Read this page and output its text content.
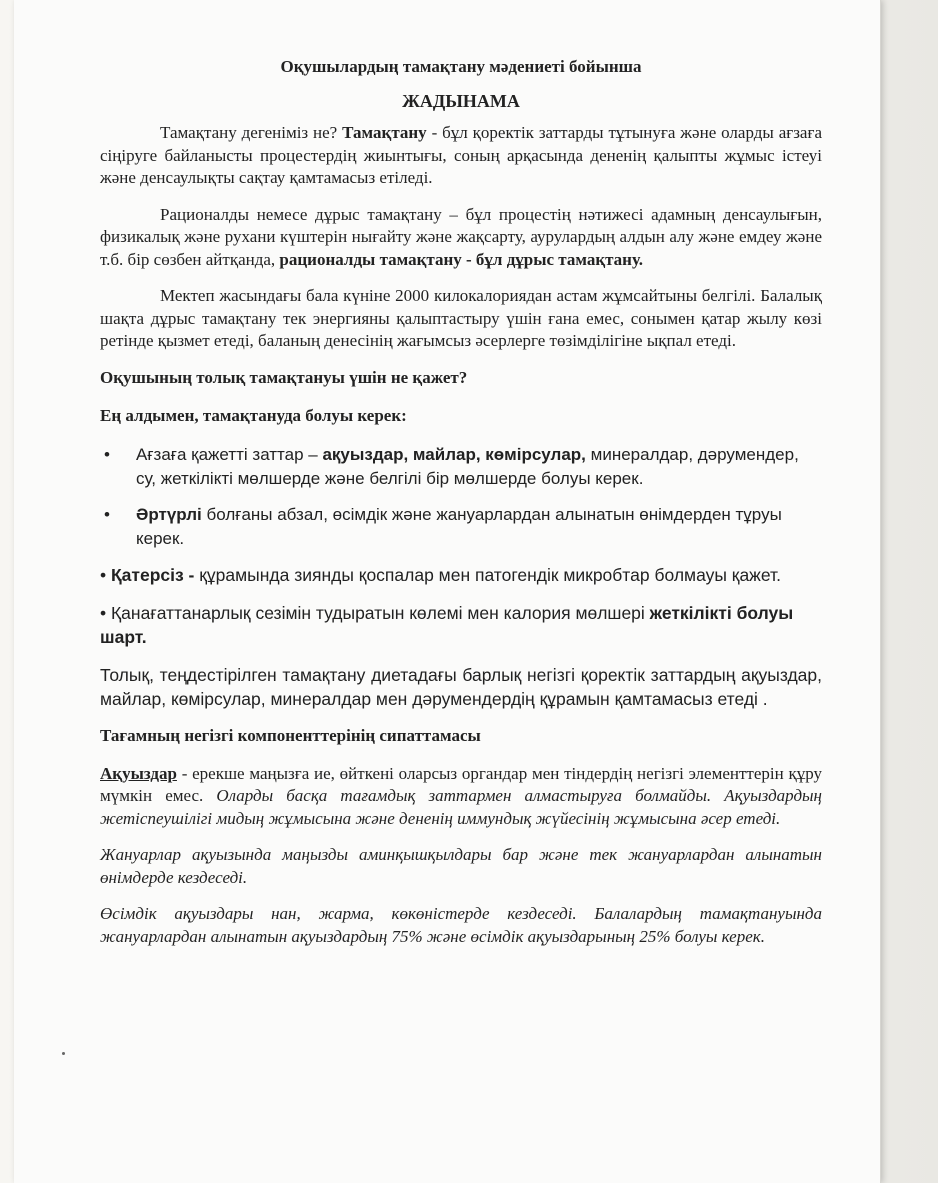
Оқушылардың тамақтану мәдениеті бойынша

ЖАДЫНАМА

Тамақтану дегеніміз не? Тамақтану - бұл қоректік заттарды тұтынуға және оларды ағзаға сіңіруге байланысты процестердің жиынтығы, соның арқасында дененің қалыпты жұмыс істеуі және денсаулықты сақтау қамтамасыз етіледі.

Рационалды немесе дұрыс тамақтану – бұл процестің нәтижесі адамның денсаулығын, физикалық және рухани күштерін нығайту және жақсарту, аурулардың алдын алу және емдеу және т.б. бір сөзбен айтқанда, рационалды тамақтану - бұл дұрыс тамақтану.

Мектеп жасындағы бала күніне 2000 килокалориядан астам жұмсайтыны белгілі. Балалық шақта дұрыс тамақтану тек энергияны қалыптастыру үшін ғана емес, сонымен қатар жылу көзі ретінде қызмет етеді, баланың денесінің жағымсыз әсерлерге төзімділігіне ықпал етеді.

Оқушының толық тамақтануы үшін не қажет?

Ең алдымен, тамақтануда болуы керек:

• Ағзаға қажетті заттар – ақуыздар, майлар, көмірсулар, минералдар, дәрумендер, су, жеткілікті мөлшерде және белгілі бір мөлшерде болуы керек.
• Әртүрлі болғаны абзал, өсімдік және жануарлардан алынатын өнімдерден тұруы керек.

• Қатерсіз - құрамында зиянды қоспалар мен патогендік микробтар болмауы қажет.

• Қанағаттанарлық сезімін тудыратын көлемі мен калория мөлшері жеткілікті болуы шарт.

Толық, теңдестірілген тамақтану диетадағы барлық негізгі қоректік заттардың ақуыздар, майлар, көмірсулар, минералдар мен дәрумендердің құрамын қамтамасыз етеді .

Тағамның негізгі компоненттерінің сипаттамасы

Ақуыздар - ерекше маңызға ие, өйткені оларсыз органдар мен тіндердің негізгі элементтерін құру мүмкін емес. Оларды басқа тағамдық заттармен алмастыруға болмайды. Ақуыздардың жетіспеушілігі мидың жұмысына және дененің иммундық жүйесінің жұмысына әсер етеді.

Жануарлар ақуызында маңызды аминқышқылдары бар және тек жануарлардан алынатын өнімдерде кездеседі.

Өсімдік ақуыздары нан, жарма, көкөністерде кездеседі. Балалардың тамақтануында жануарлардан алынатын ақуыздардың 75% және өсімдік ақуыздарының 25% болуы керек.
